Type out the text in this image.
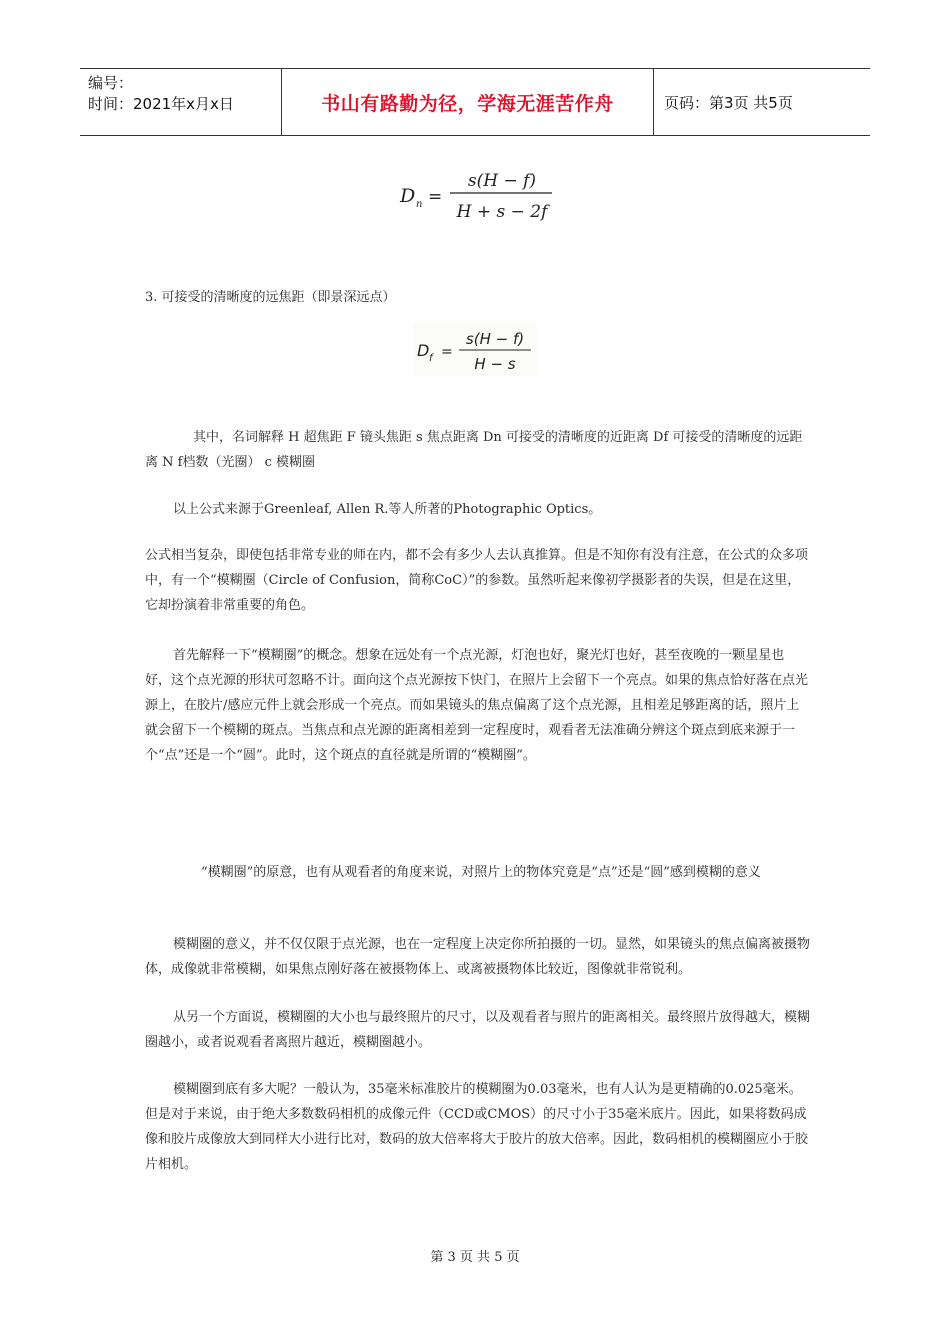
编号：
时间：2021年x月x日	书山有路勤为径，学海无涯苦作舟	页码：第3页 共5页
D n =
s(H − f)
H + s − 2f

3. 可接受的清晰度的远焦距（即景深远点）

D f =
s(H − f)
H − s

其中，名词解释 H 超焦距 F 镜头焦距 s 焦点距离 Dn 可接受的清晰度的近距离 Df 可接受的清晰度的远距离 N f档数（光圈） c 模糊圈

以上公式来源于Greenleaf, Allen R.等人所著的Photographic Optics。

公式相当复杂，即使包括非常专业的师在内，都不会有多少人去认真推算。但是不知你有没有注意，在公式的众多项中，有一个“模糊圈（Circle of Confusion，简称CoC）”的参数。虽然听起来像初学摄影者的失误，但是在这里，它却扮演着非常重要的角色。

首先解释一下“模糊圈”的概念。想象在远处有一个点光源，灯泡也好，聚光灯也好，甚至夜晚的一颗星星也好，这个点光源的形状可忽略不计。面向这个点光源按下快门，在照片上会留下一个亮点。如果的焦点恰好落在点光源上，在胶片/感应元件上就会形成一个亮点。而如果镜头的焦点偏离了这个点光源，且相差足够距离的话，照片上就会留下一个模糊的斑点。当焦点和点光源的距离相差到一定程度时，观看者无法准确分辨这个斑点到底来源于一个“点”还是一个“圆”。此时，这个斑点的直径就是所谓的“模糊圈”。

“模糊圈”的原意，也有从观看者的角度来说，对照片上的物体究竟是“点”还是“圆”感到模糊的意义

模糊圈的意义，并不仅仅限于点光源，也在一定程度上决定你所拍摄的一切。显然，如果镜头的焦点偏离被摄物体，成像就非常模糊，如果焦点刚好落在被摄物体上、或离被摄物体比较近，图像就非常锐利。

从另一个方面说，模糊圈的大小也与最终照片的尺寸，以及观看者与照片的距离相关。最终照片放得越大，模糊圈越小，或者说观看者离照片越近，模糊圈越小。

模糊圈到底有多大呢？一般认为，35毫米标准胶片的模糊圈为0.03毫米，也有人认为是更精确的0.025毫米。但是对于来说，由于绝大多数数码相机的成像元件（CCD或CMOS）的尺寸小于35毫米底片。因此，如果将数码成像和胶片成像放大到同样大小进行比对，数码的放大倍率将大于胶片的放大倍率。因此，数码相机的模糊圈应小于胶片相机。

第 3 页 共 5 页
